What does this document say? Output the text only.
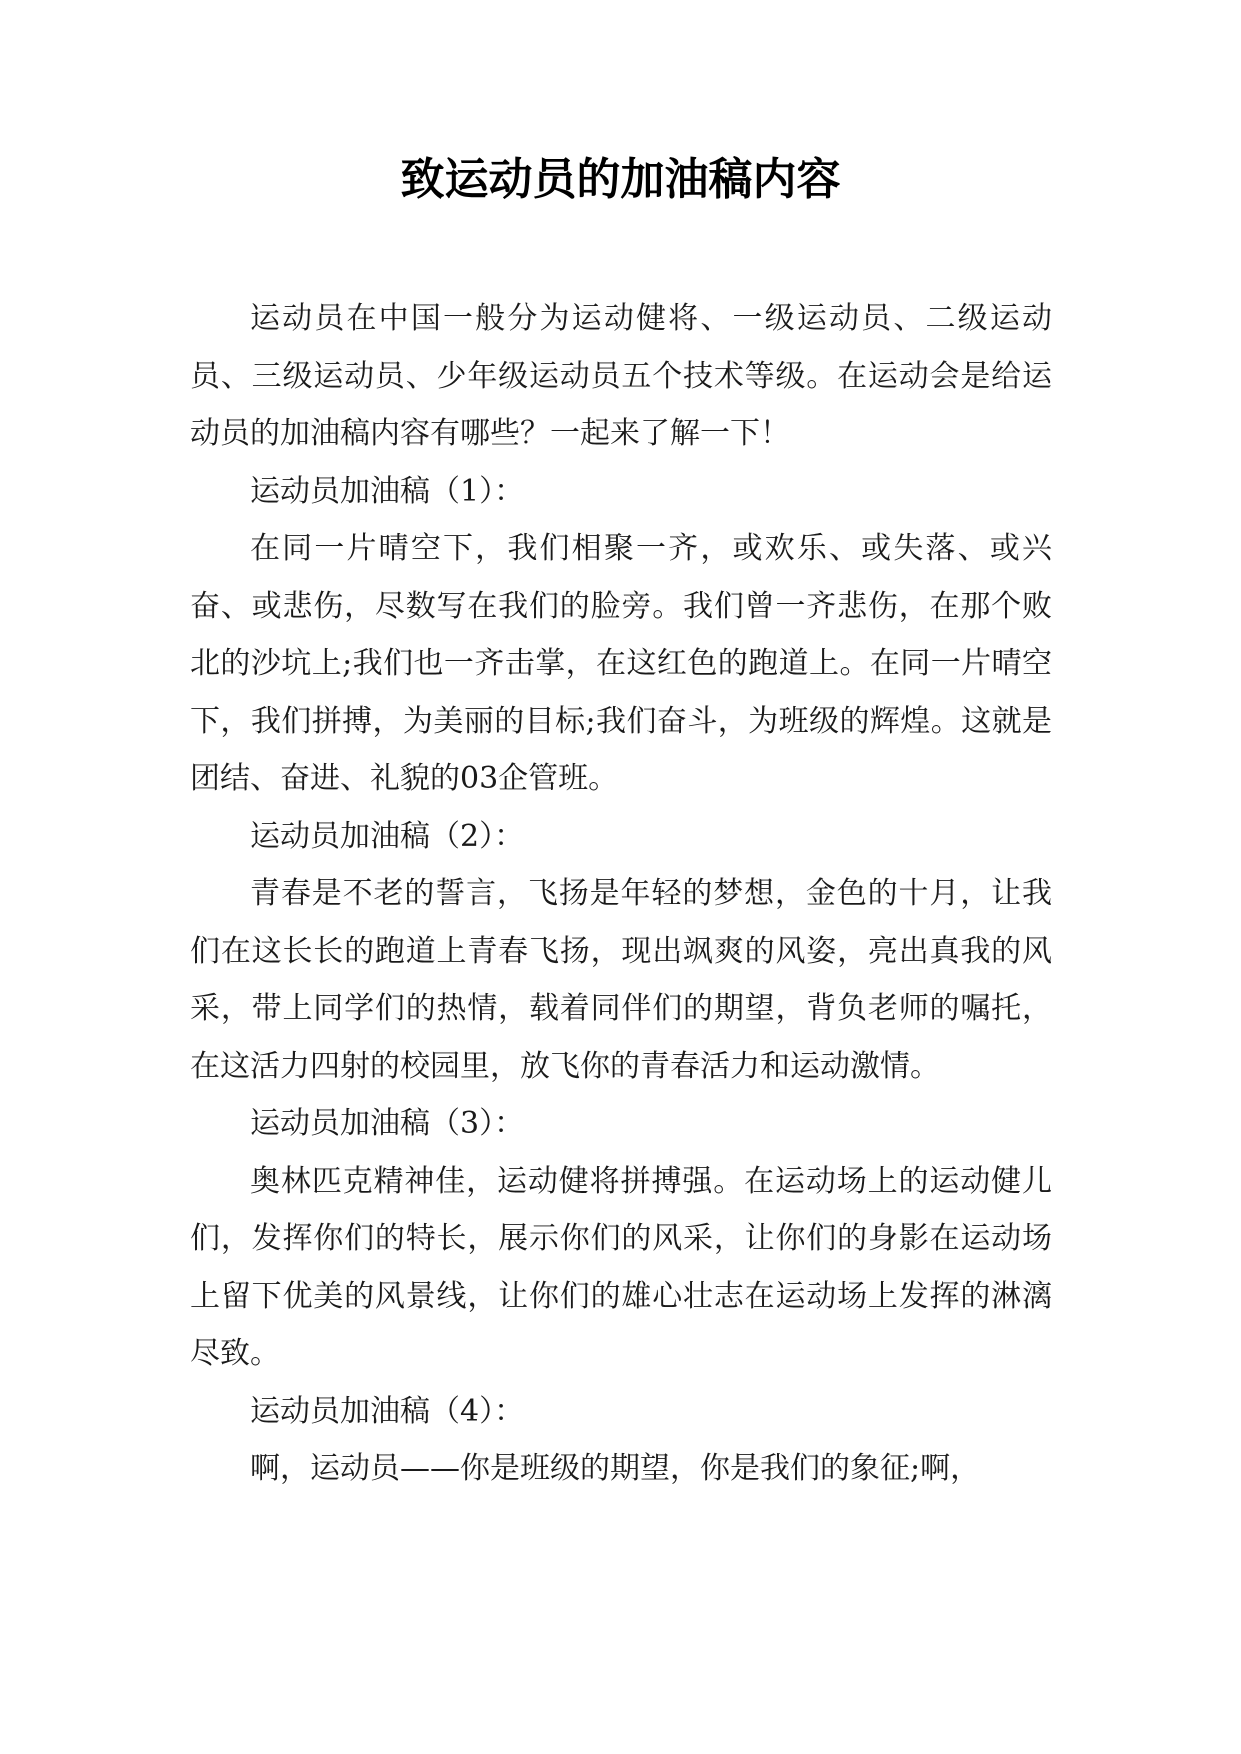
致运动员的加油稿内容

运动员在中国一般分为运动健将、一级运动员、二级运动员、三级运动员、少年级运动员五个技术等级。在运动会是给运动员的加油稿内容有哪些？一起来了解一下！

运动员加油稿（1）：

在同一片晴空下，我们相聚一齐，或欢乐、或失落、或兴奋、或悲伤，尽数写在我们的脸旁。我们曾一齐悲伤，在那个败北的沙坑上;我们也一齐击掌，在这红色的跑道上。在同一片晴空下，我们拼搏，为美丽的目标;我们奋斗，为班级的辉煌。这就是团结、奋进、礼貌的03企管班。

运动员加油稿（2）：

青春是不老的誓言，飞扬是年轻的梦想，金色的十月，让我们在这长长的跑道上青春飞扬，现出飒爽的风姿，亮出真我的风采，带上同学们的热情，载着同伴们的期望，背负老师的嘱托，在这活力四射的校园里，放飞你的青春活力和运动激情。

运动员加油稿（3）：

奥林匹克精神佳，运动健将拼搏强。在运动场上的运动健儿们，发挥你们的特长，展示你们的风采，让你们的身影在运动场上留下优美的风景线，让你们的雄心壮志在运动场上发挥的淋漓尽致。

运动员加油稿（4）：

啊，运动员——你是班级的期望，你是我们的象征;啊，
